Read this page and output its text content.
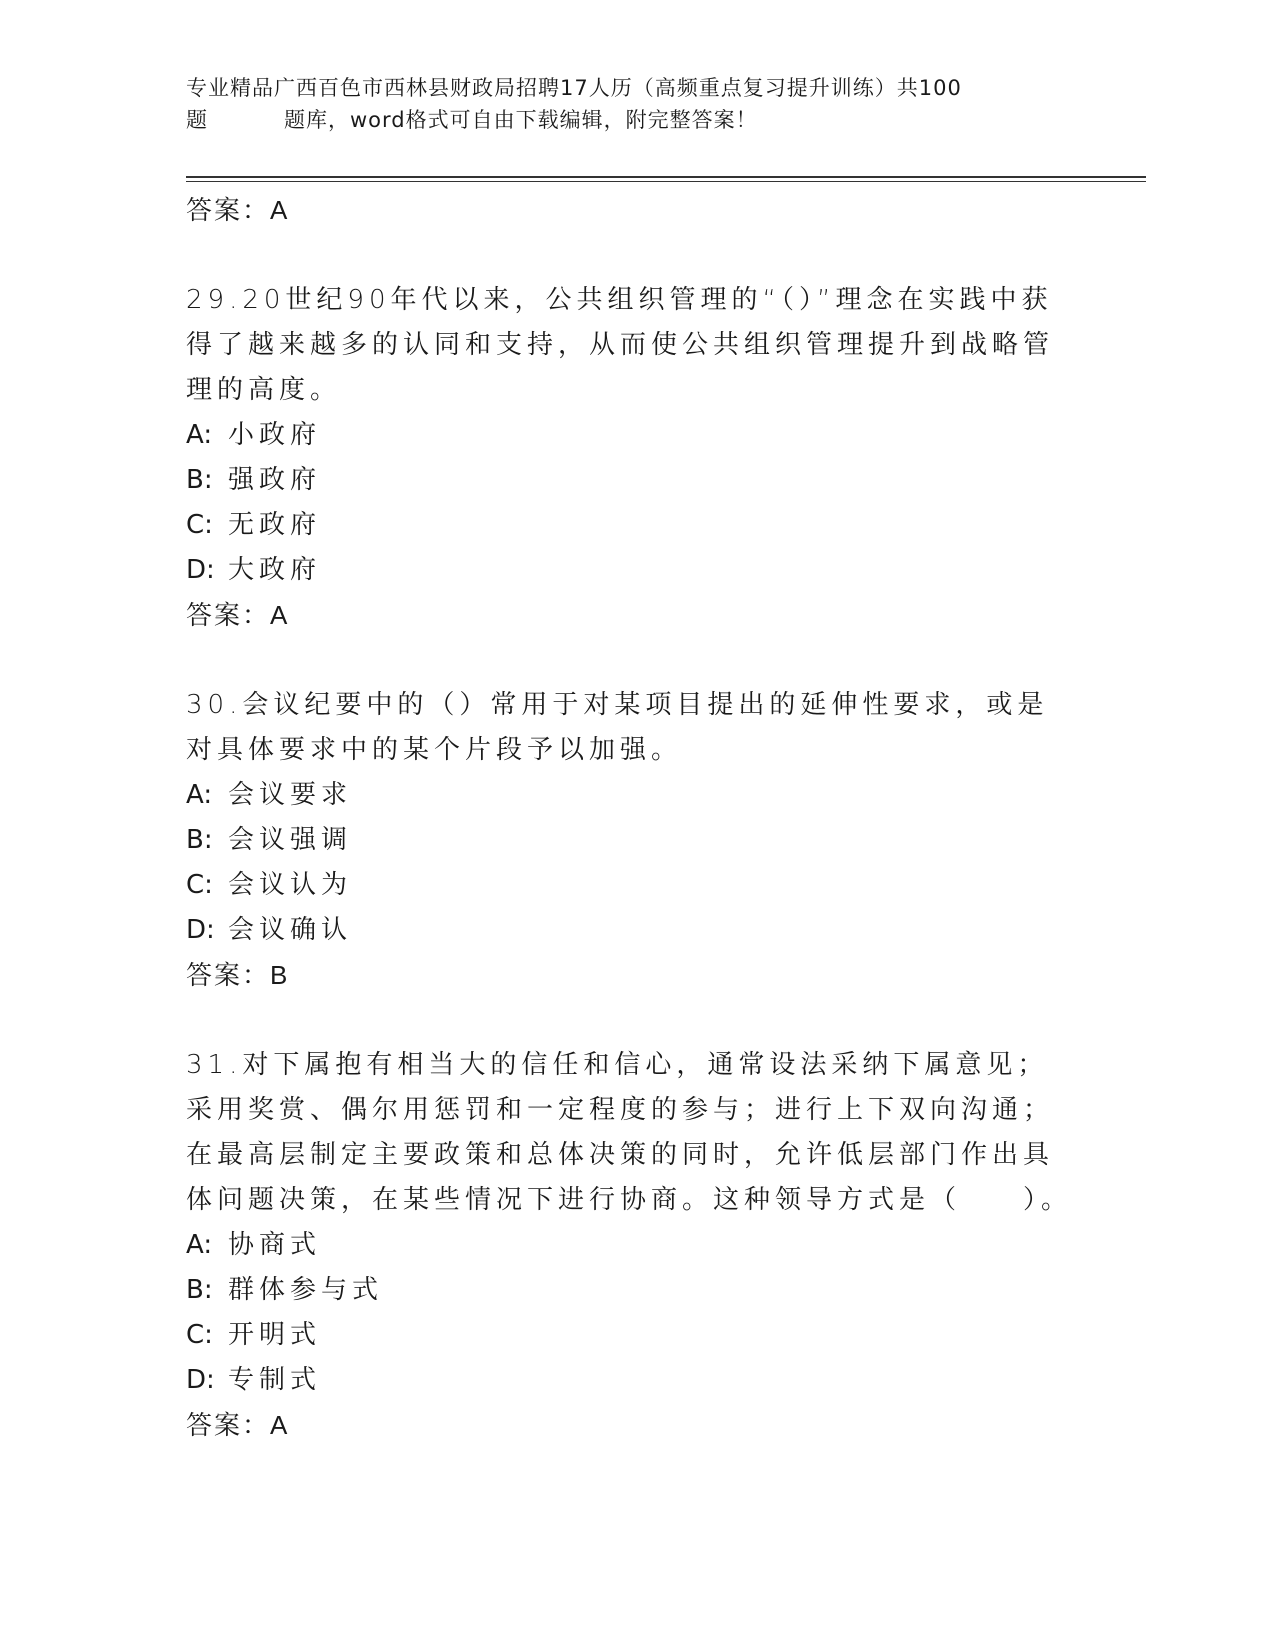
专业精品广西百色市西林县财政局招聘17人历（高频重点复习提升训练）共100
题	题库，word格式可自由下载编辑，附完整答案！
答案：A
29.20世纪90年代以来，公共组织管理的“（）”理念在实践中获得了越来越多的认同和支持，从而使公共组织管理提升到战略管理的高度。
A: 小政府
B: 强政府
C: 无政府
D: 大政府
答案：A
30.会议纪要中的（）常用于对某项目提出的延伸性要求，或是对具体要求中的某个片段予以加强。
A: 会议要求
B: 会议强调
C: 会议认为
D: 会议确认
答案：B
31.对下属抱有相当大的信任和信心，通常设法采纳下属意见；采用奖赏、偶尔用惩罚和一定程度的参与；进行上下双向沟通；在最高层制定主要政策和总体决策的同时，允许低层部门作出具体问题决策，在某些情况下进行协商。这种领导方式是（　　）。
A: 协商式
B: 群体参与式
C: 开明式
D: 专制式
答案：A
